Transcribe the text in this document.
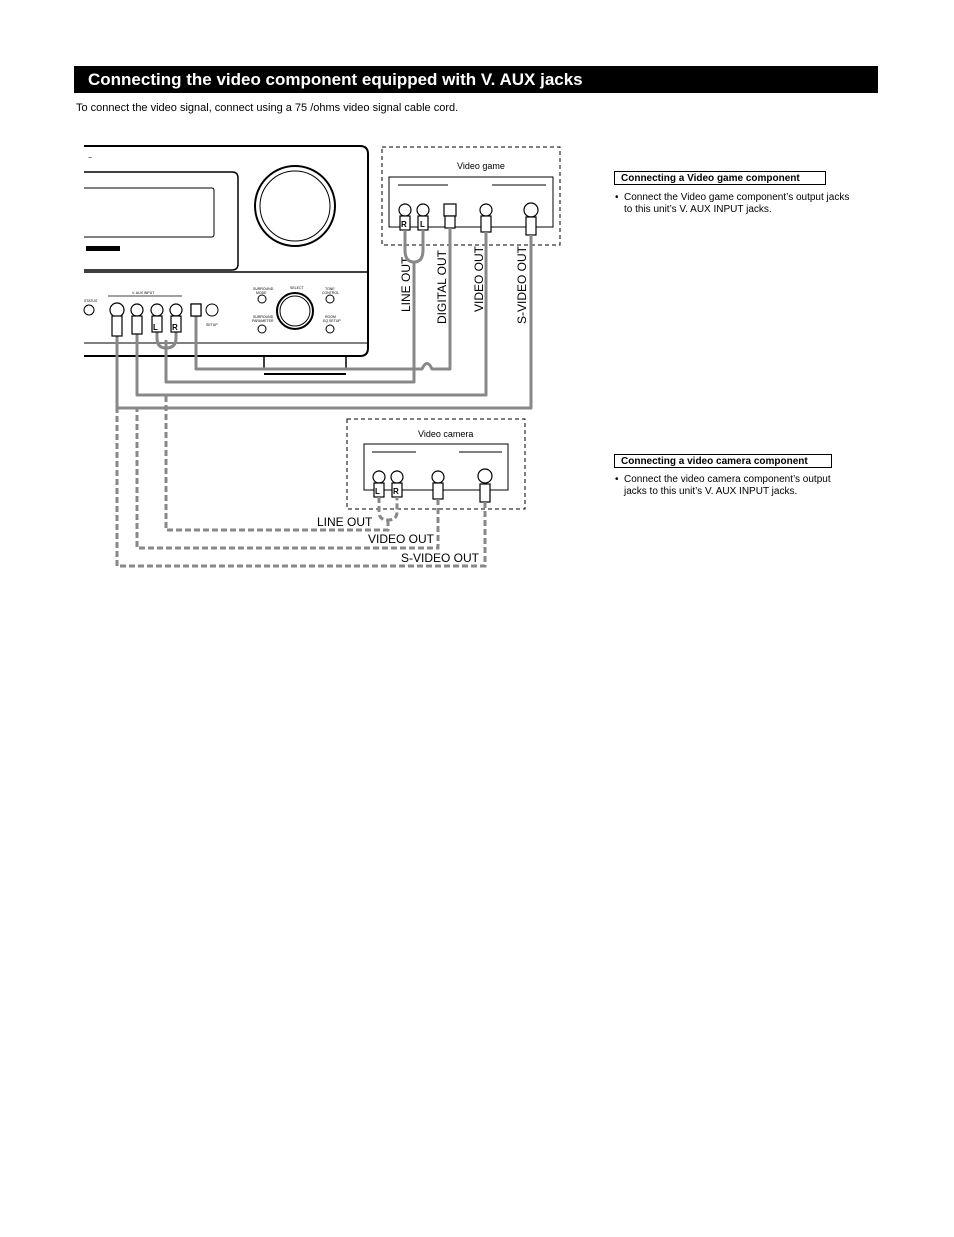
Connecting the video component equipped with V. AUX jacks
To connect the video signal, connect using a 75 /ohms video signal cable cord.
~
STATUS
V. AUX INPUT
SETUP
SURROUND
MODE
SURROUND
PARAMETER
SELECT	TONE
CONTROL
ROOM
EQ SETUP
Video game
R L
LINE OUT DIGITAL OUT VIDEO OUT S-VIDEO OUT
L R
Video camera
L R
LINE OUT
VIDEO OUT
S-VIDEO OUT
Connecting a Video game component
• Connect the Video game component’s output jacks
to this unit’s V. AUX INPUT jacks.
Connecting a video camera component
• Connect the video camera component’s output
jacks to this unit’s V. AUX INPUT jacks.
